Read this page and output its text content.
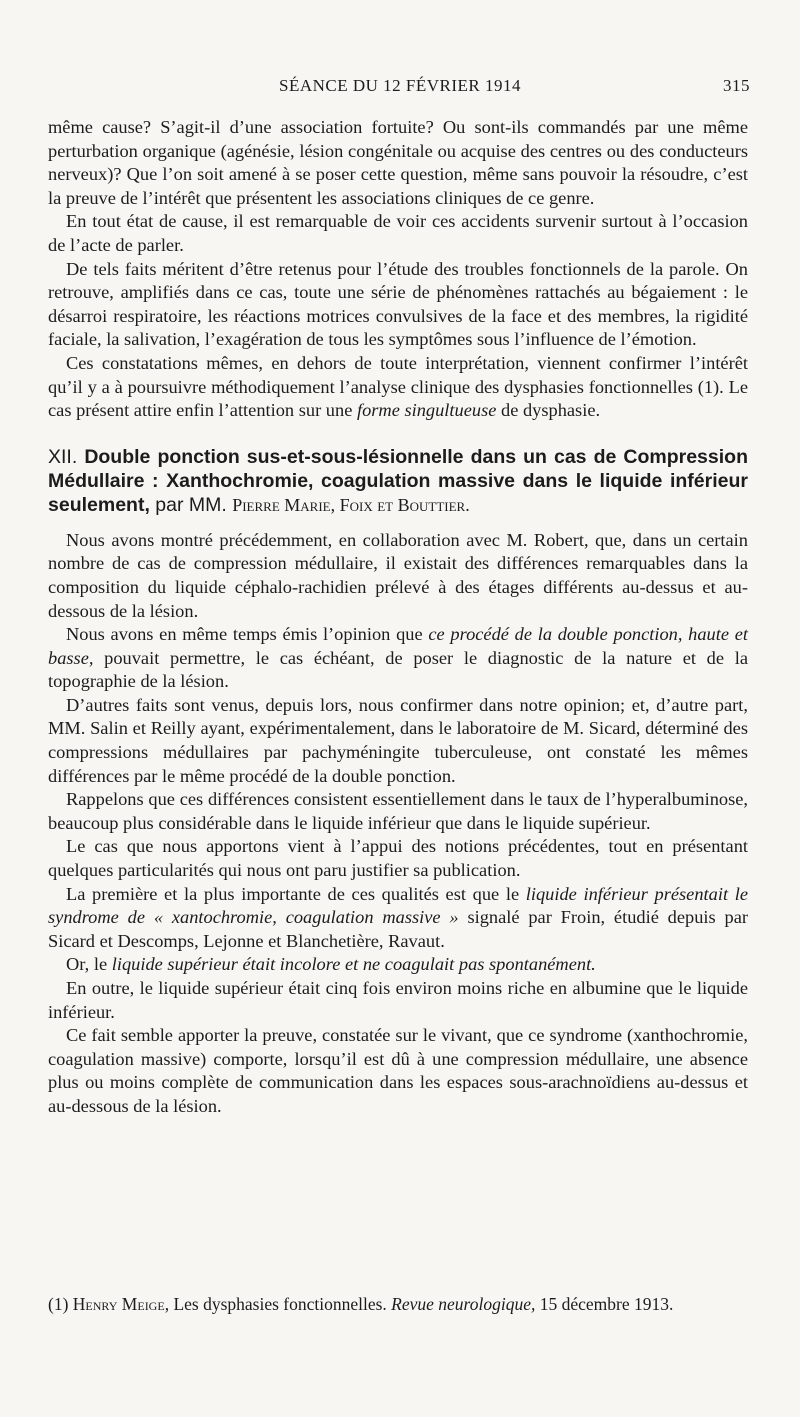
SÉANCE DU 12 FÉVRIER 1914	315

même cause? S’agit-il d’une association fortuite? Ou sont-ils commandés par une même perturbation organique (agénésie, lésion congénitale ou acquise des centres ou des conducteurs nerveux)? Que l’on soit amené à se poser cette question, même sans pouvoir la résoudre, c’est la preuve de l’intérêt que présentent les associations cliniques de ce genre.

En tout état de cause, il est remarquable de voir ces accidents survenir surtout à l’occasion de l’acte de parler.

De tels faits méritent d’être retenus pour l’étude des troubles fonctionnels de la parole. On retrouve, amplifiés dans ce cas, toute une série de phénomènes rattachés au bégaiement : le désarroi respiratoire, les réactions motrices convulsives de la face et des membres, la rigidité faciale, la salivation, l’exagération de tous les symptômes sous l’influence de l’émotion.

Ces constatations mêmes, en dehors de toute interprétation, viennent confirmer l’intérêt qu’il y a à poursuivre méthodiquement l’analyse clinique des dysphasies fonctionnelles (1). Le cas présent attire enfin l’attention sur une forme singultueuse de dysphasie.

XII. Double ponction sus-et-sous-lésionnelle dans un cas de Compression Médullaire : Xanthochromie, coagulation massive dans le liquide inférieur seulement, par MM. Pierre Marie, Foix et Bouttier.

Nous avons montré précédemment, en collaboration avec M. Robert, que, dans un certain nombre de cas de compression médullaire, il existait des différences remarquables dans la composition du liquide céphalo-rachidien prélevé à des étages différents au-dessus et au-dessous de la lésion.

Nous avons en même temps émis l’opinion que ce procédé de la double ponction, haute et basse, pouvait permettre, le cas échéant, de poser le diagnostic de la nature et de la topographie de la lésion.

D’autres faits sont venus, depuis lors, nous confirmer dans notre opinion; et, d’autre part, MM. Salin et Reilly ayant, expérimentalement, dans le laboratoire de M. Sicard, déterminé des compressions médullaires par pachyméningite tuberculeuse, ont constaté les mêmes différences par le même procédé de la double ponction.

Rappelons que ces différences consistent essentiellement dans le taux de l’hyperalbuminose, beaucoup plus considérable dans le liquide inférieur que dans le liquide supérieur.

Le cas que nous apportons vient à l’appui des notions précédentes, tout en présentant quelques particularités qui nous ont paru justifier sa publication.

La première et la plus importante de ces qualités est que le liquide inférieur présentait le syndrome de « xantochromie, coagulation massive » signalé par Froin, étudié depuis par Sicard et Descomps, Lejonne et Blanchetière, Ravaut.

Or, le liquide supérieur était incolore et ne coagulait pas spontanément.

En outre, le liquide supérieur était cinq fois environ moins riche en albumine que le liquide inférieur.

Ce fait semble apporter la preuve, constatée sur le vivant, que ce syndrome (xanthochromie, coagulation massive) comporte, lorsqu’il est dû à une compression médullaire, une absence plus ou moins complète de communication dans les espaces sous-arachnoïdiens au-dessus et au-dessous de la lésion.

(1) Henry Meige, Les dysphasies fonctionnelles. Revue neurologique, 15 décembre 1913.
